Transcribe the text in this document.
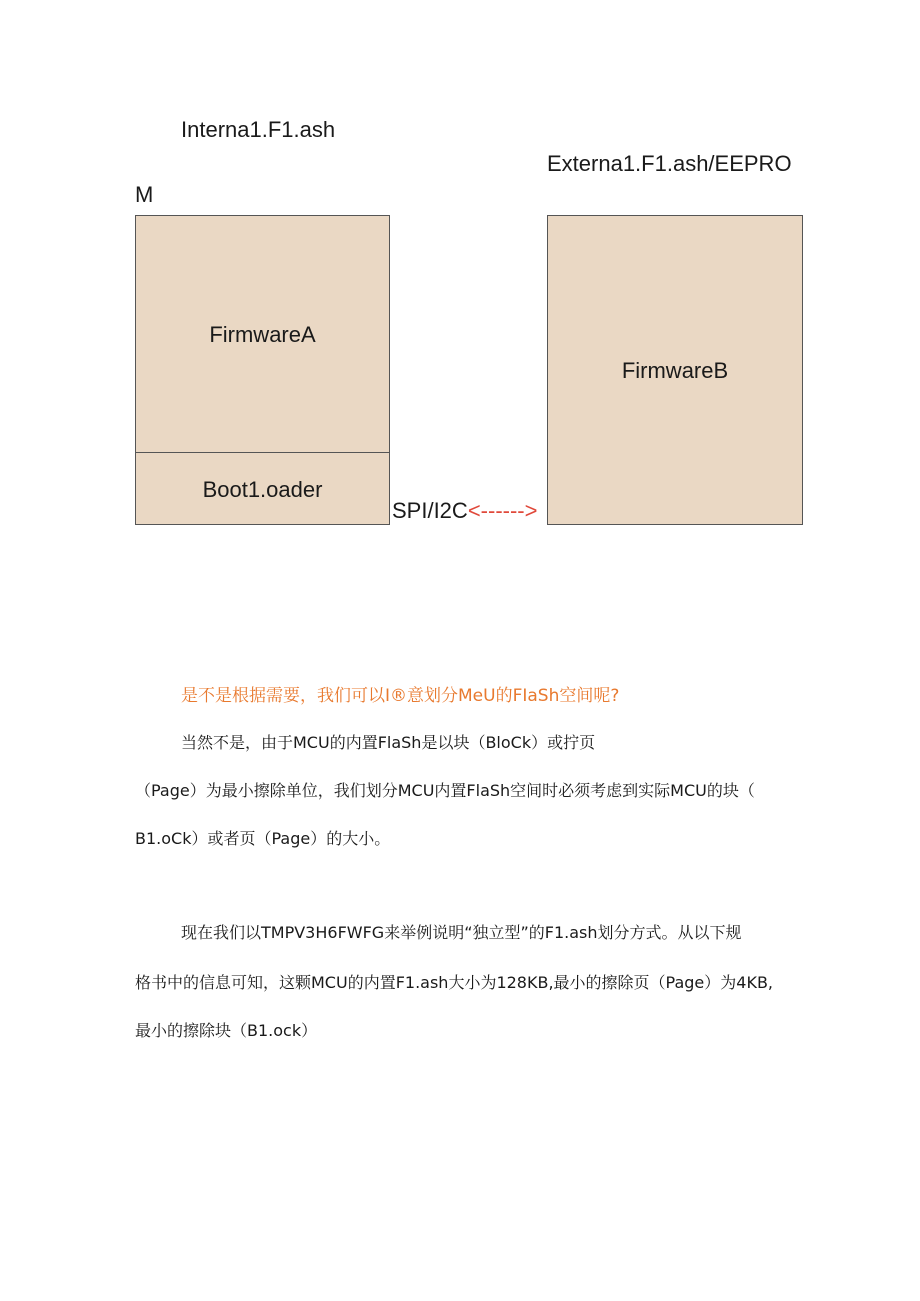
Interna1.F1.ash
Externa1.F1.ash/EEPRO
M
FirmwareA
Boot1.oader
FirmwareB
SPI/I2C<------>
是不是根据需要，我们可以I®意划分MeU的FIaSh空间呢?
当然不是，由于MCU的内置FlaSh是以块（BloCk）或拧页
（Page）为最小擦除单位，我们划分MCU内置FlaSh空间时必须考虑到实际MCU的块（
B1.oCk）或者页（Page）的大小。
现在我们以TMPV3H6FWFG来举例说明“独立型”的F1.ash划分方式。从以下规
格书中的信息可知，这颗MCU的内置F1.ash大小为128KB,最小的擦除页（Page）为4KB,
最小的擦除块（B1.ock）
